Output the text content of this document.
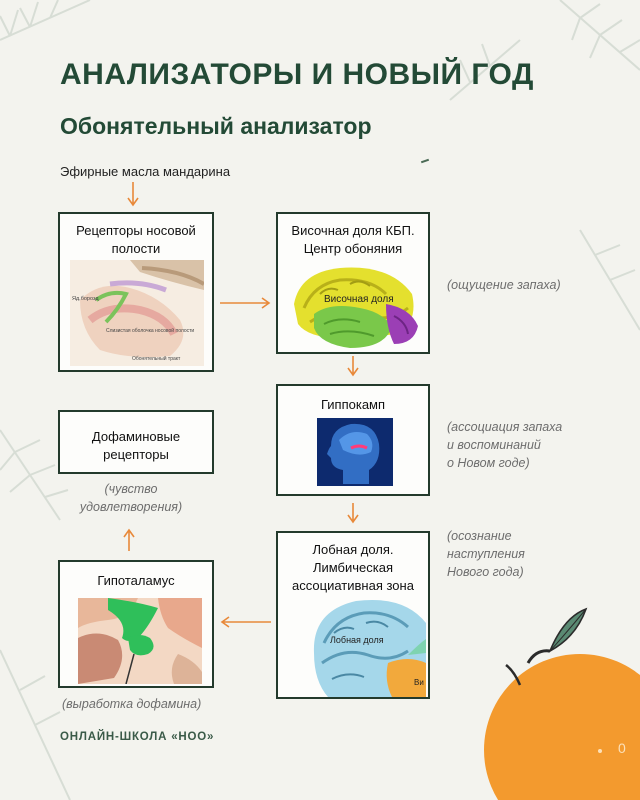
АНАЛИЗАТОРЫ И НОВЫЙ ГОД
Обонятельный анализатор
Эфирные масла мандарина
Рецепторы носовой
полости
Яд.борозд
Слизистая оболочка носовой полости
Обонятельный тракт
Височная доля КБП.
Центр обоняния
Височная доля
(ощущение запаха)
Гиппокамп
(ассоциация запаха
и воспоминаний
о Новом годе)
Лобная доля.
Лимбическая
ассоциативная зона
Лобная доля
Ви
(осознание
наступления
Нового года)
Гипоталамус
(выработка дофамина)
Дофаминовые
рецепторы
(чувство
удовлетворения)
ОНЛАЙН-ШКОЛА «НОО»
0
